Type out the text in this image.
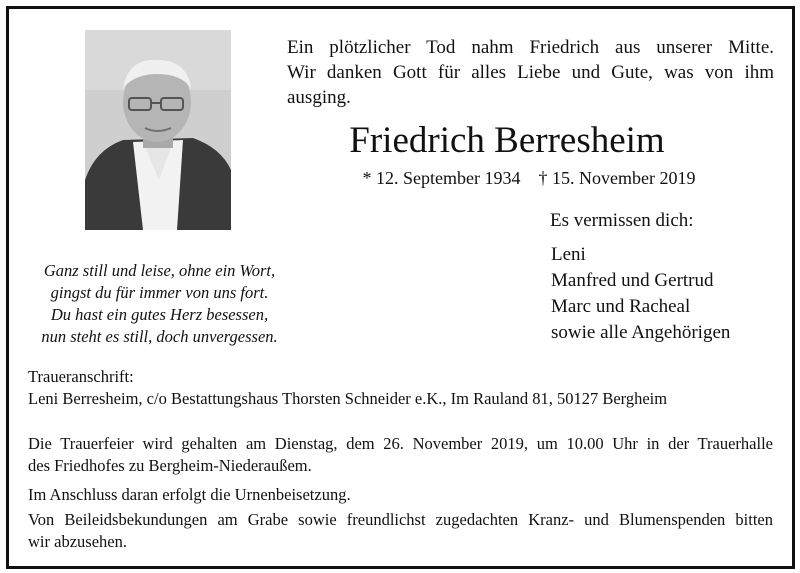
Ein plötzlicher Tod nahm Friedrich aus unserer Mitte.
Wir danken Gott für alles Liebe und Gute, was von ihm
ausging.
Friedrich Berresheim
* 12. September 1934 † 15. November 2019
Es vermissen dich:
Leni
Manfred und Gertrud
Marc und Racheal
sowie alle Angehörigen
Ganz still und leise, ohne ein Wort,
gingst du für immer von uns fort.
Du hast ein gutes Herz besessen,
nun steht es still, doch unvergessen.
Traueranschrift:
Leni Berresheim, c/o Bestattungshaus Thorsten Schneider e.K., Im Rauland 81, 50127 Bergheim
Die Trauerfeier wird gehalten am Dienstag, dem 26. November 2019, um 10.00 Uhr in der Trauerhalle
des Friedhofes zu Bergheim-Niederaußem.
Im Anschluss daran erfolgt die Urnenbeisetzung.
Von Beileidsbekundungen am Grabe sowie freundlichst zugedachten Kranz- und Blumenspenden bitten
wir abzusehen.
